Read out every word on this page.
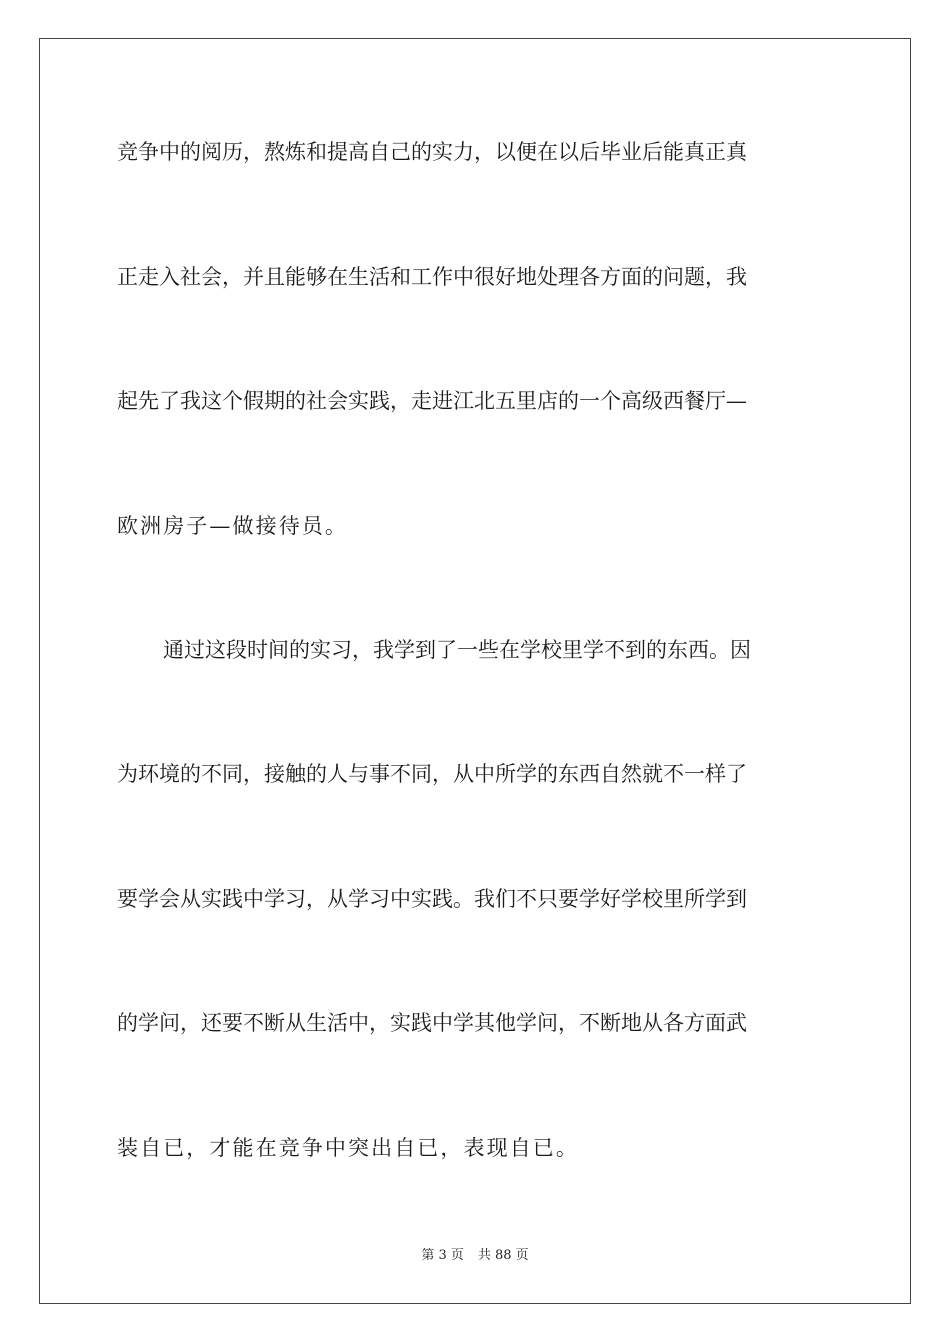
竞争中的阅历，熬炼和提高自己的实力，以便在以后毕业后能真正真
正走入社会，并且能够在生活和工作中很好地处理各方面的问题，我
起先了我这个假期的社会实践，走进江北五里店的一个高级西餐厅—
欧洲房子—做接待员。
通过这段时间的实习，我学到了一些在学校里学不到的东西。因
为环境的不同，接触的人与事不同，从中所学的东西自然就不一样了
要学会从实践中学习，从学习中实践。我们不只要学好学校里所学到
的学问，还要不断从生活中，实践中学其他学问，不断地从各方面武
装自已，才能在竞争中突出自已，表现自已。
第 3 页 共 88 页
